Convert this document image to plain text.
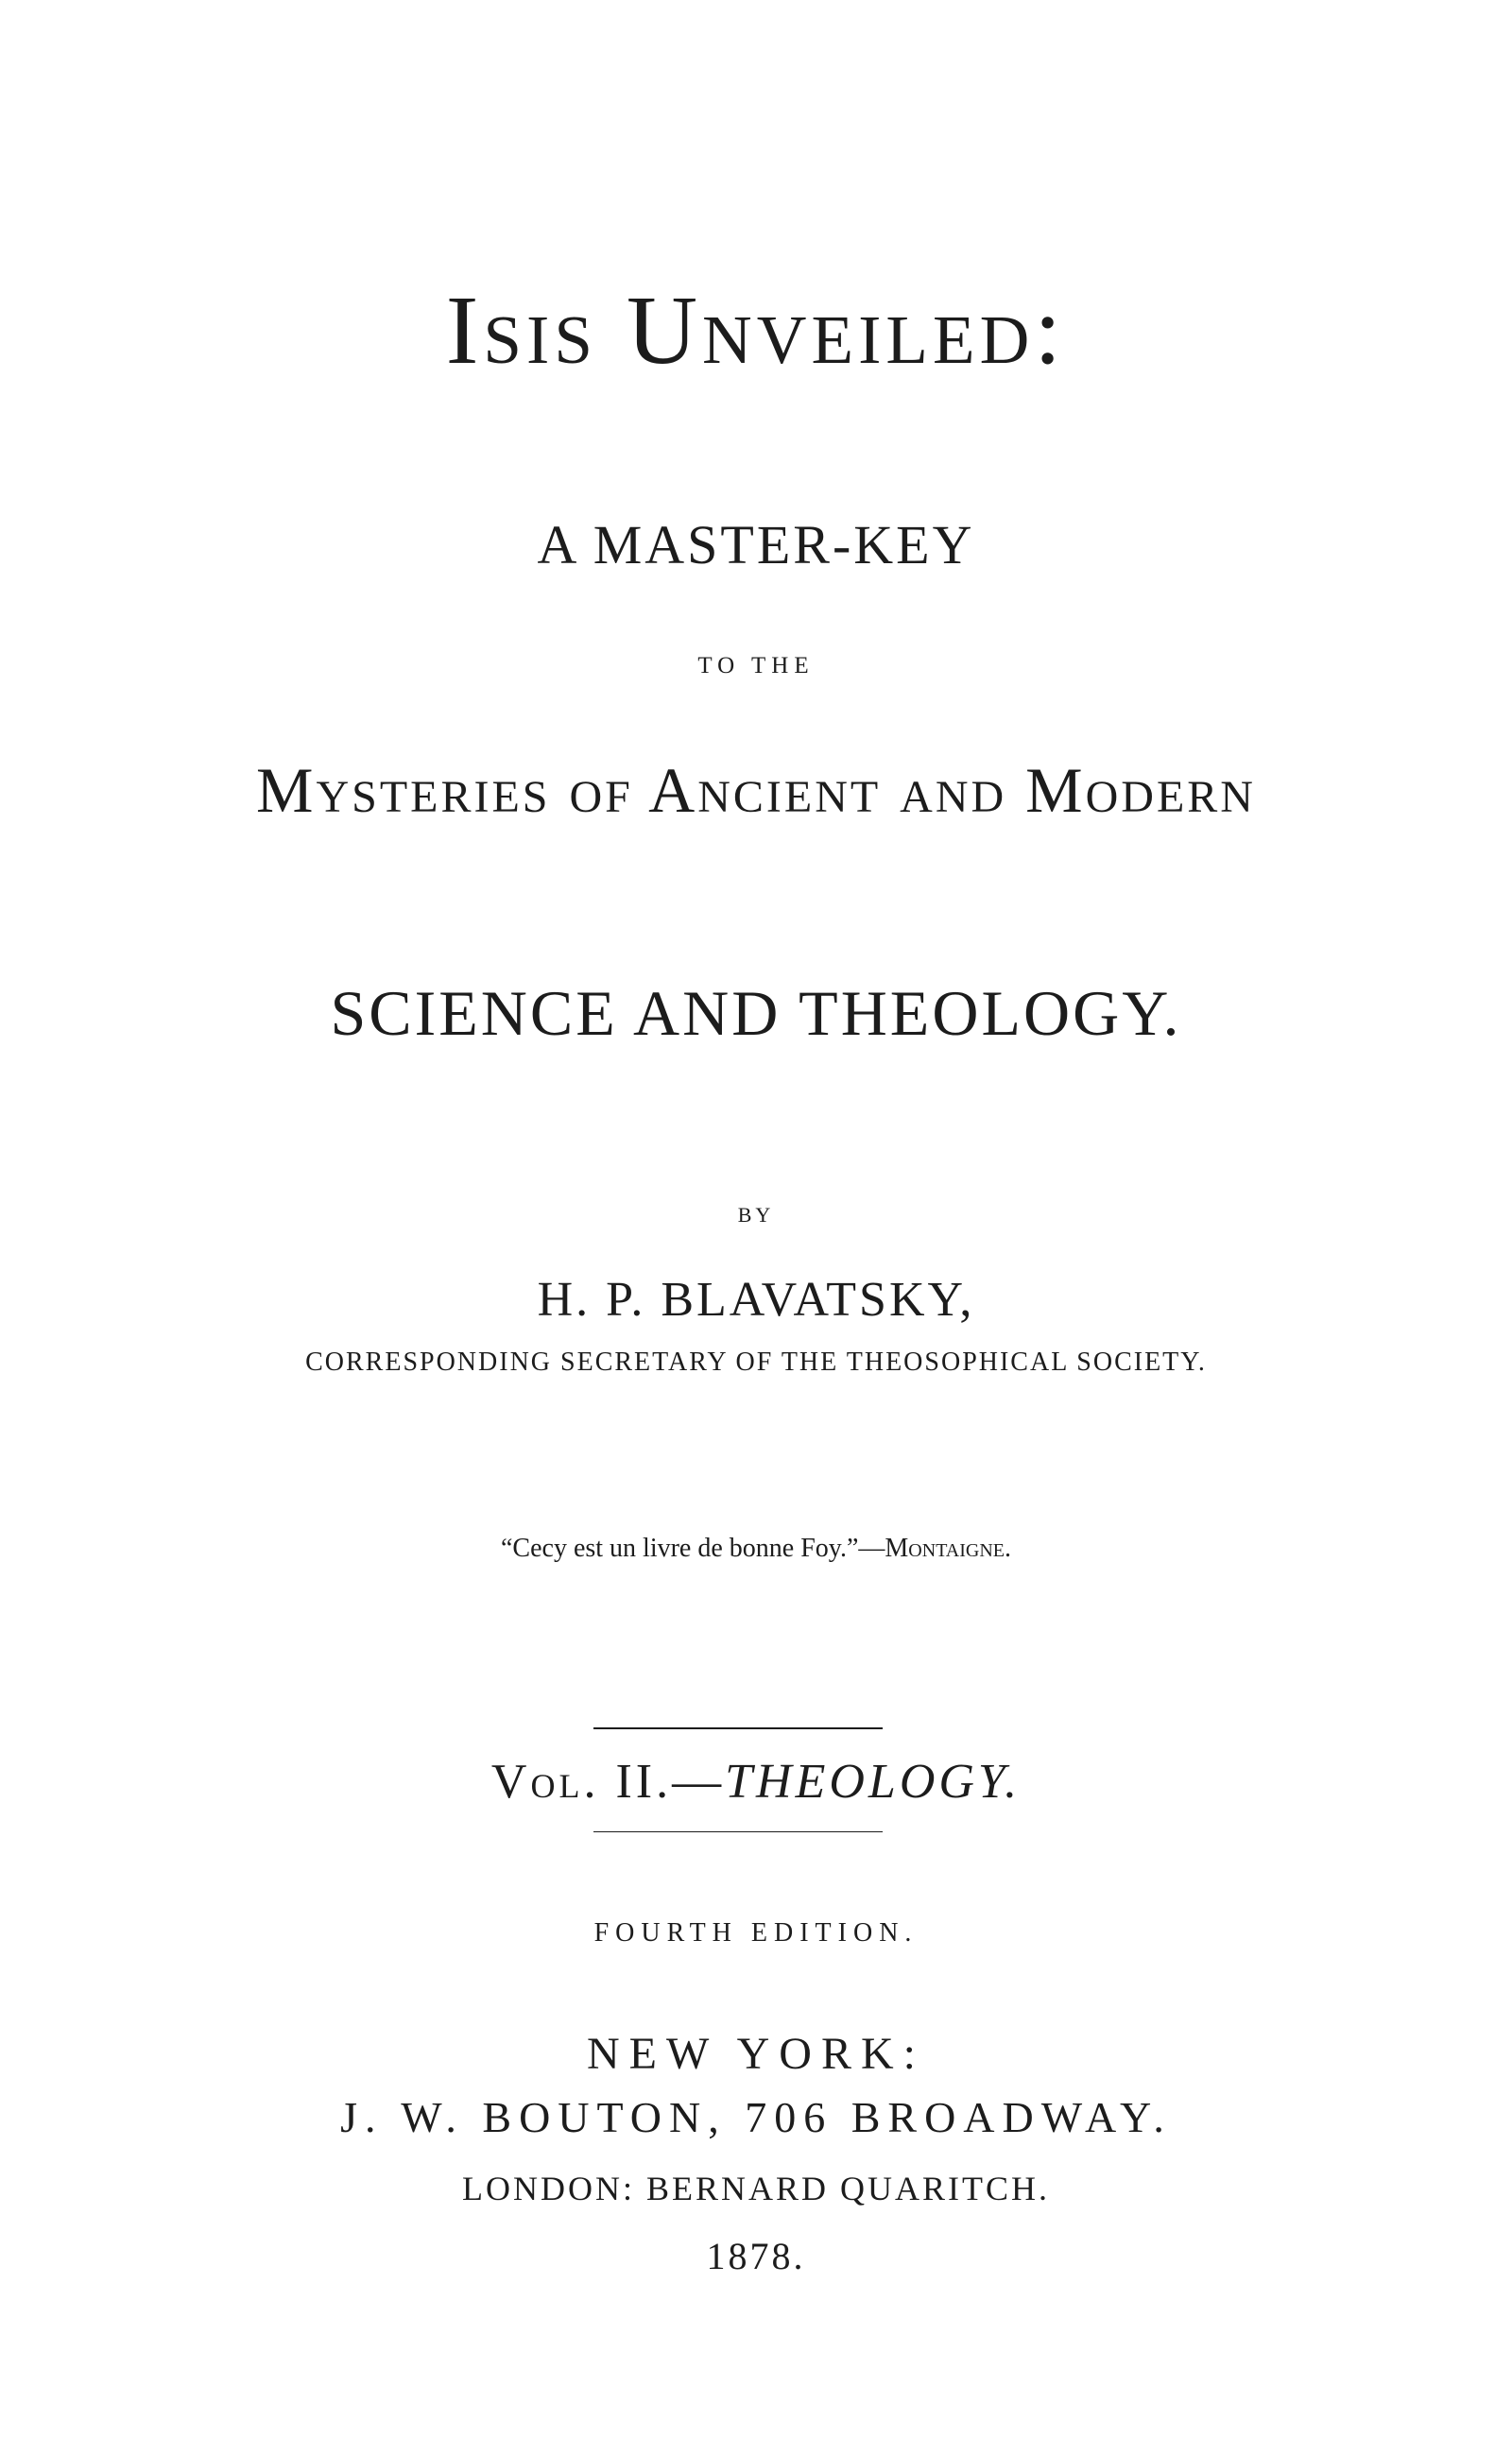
Isis Unveiled:
A MASTER-KEY
TO THE
Mysteries of Ancient and Modern
SCIENCE AND THEOLOGY.
BY
H. P. BLAVATSKY,
CORRESPONDING SECRETARY OF THE THEOSOPHICAL SOCIETY.
“Cecy est un livre de bonne Foy.”—Montaigne.
Vol. II.—THEOLOGY.
FOURTH EDITION.
NEW YORK:
J. W. BOUTON, 706 BROADWAY.
LONDON: BERNARD QUARITCH.
1878.
